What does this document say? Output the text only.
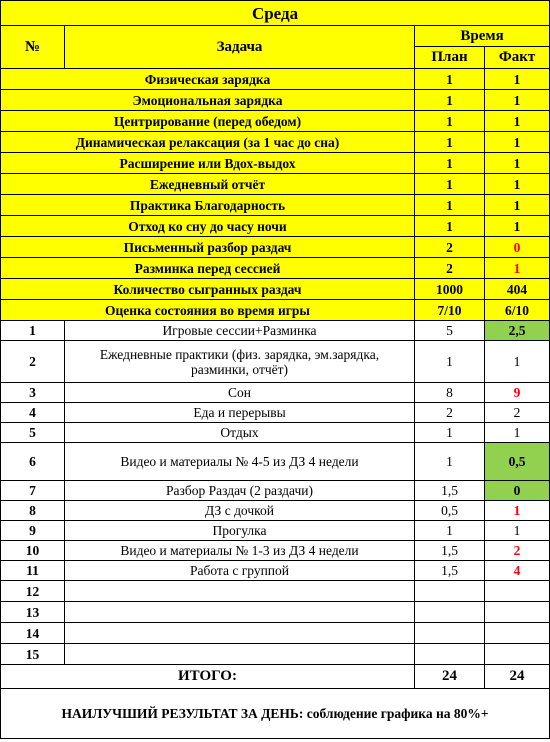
Среда			
№	Задача	Время	
		План	Факт
Физическая зарядка		1	1
Эмоциональная зарядка		1	1
Центрирование (перед обедом)		1	1
Динамическая релаксация (за 1 час до сна)		1	1
Расширение или Вдох-выдох		1	1
Ежедневный отчёт		1	1
Практика Благодарность		1	1
Отход ко сну до часу ночи		1	1
Письменный разбор раздач		2	0
Разминка перед сессией		2	1
Количество сыгранных раздач		1000	404
Оценка состояния во время игры		7/10	6/10
1	Игровые сессии+Разминка	5	2,5
2	Ежедневные практики (физ. зарядка, эм.зарядка, разминки, отчёт)	1	1
3	Сон	8	9
4	Еда и перерывы	2	2
5	Отдых	1	1
6	Видео и материалы № 4-5 из ДЗ 4 недели	1	0,5
7	Разбор Раздач (2 раздачи)	1,5	0
8	ДЗ с дочкой	0,5	1
9	Прогулка	1	1
10	Видео и материалы № 1-3 из ДЗ 4 недели	1,5	2
11	Работа с группой	1,5	4
12			
13			
14			
15			
ИТОГО:		24	24
НАИЛУЧШИЙ РЕЗУЛЬТАТ ЗА ДЕНЬ: соблюдение графика на 80%+			
